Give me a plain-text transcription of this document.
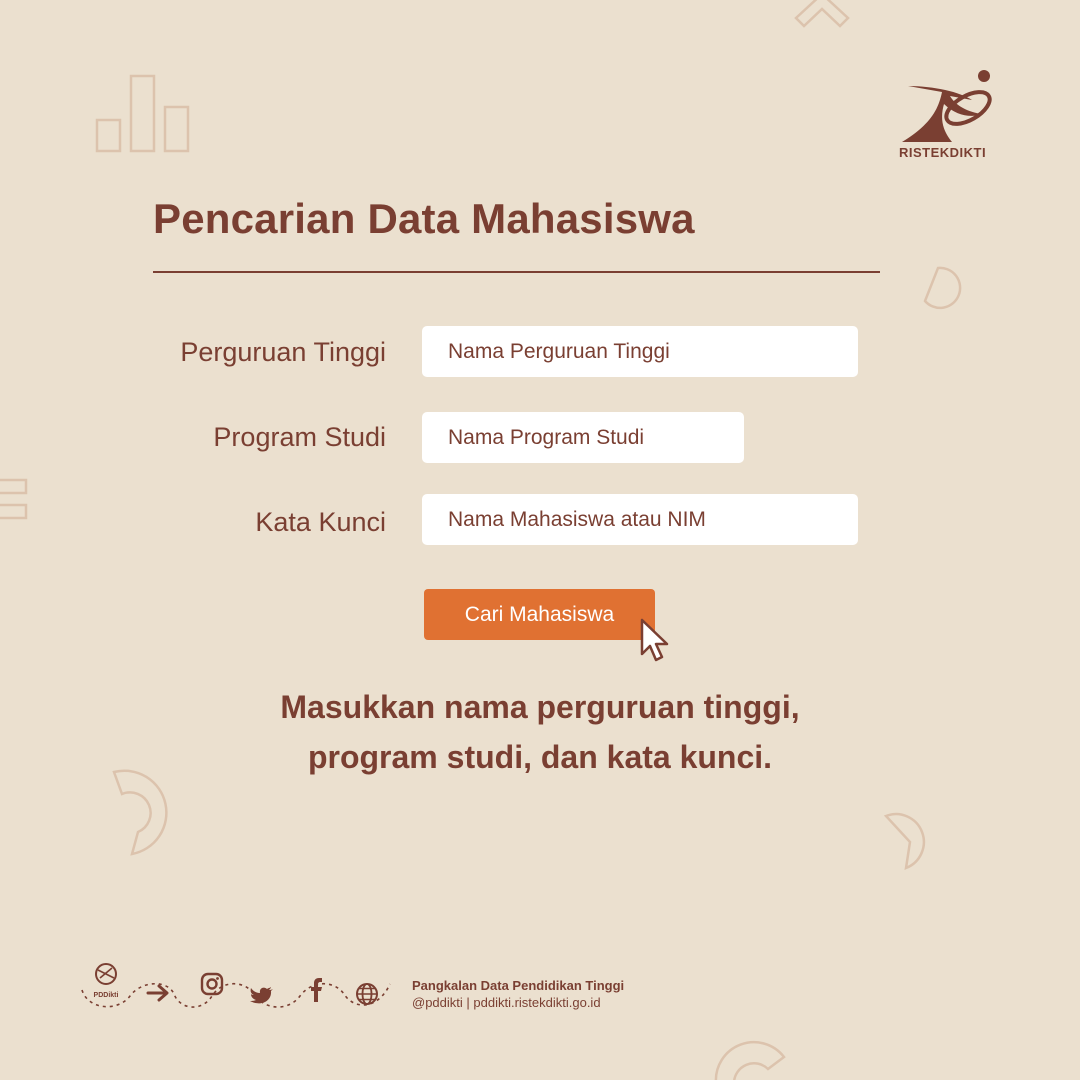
RISTEKDIKTI
Pencarian Data Mahasiswa
Perguruan Tinggi
Nama Perguruan Tinggi
Program Studi
Nama Program Studi
Kata Kunci
Nama Mahasiswa atau NIM
Cari Mahasiswa
Masukkan nama perguruan tinggi,
program studi, dan kata kunci.
PDDikti
Pangkalan Data Pendidikan Tinggi
@pddikti | pddikti.ristekdikti.go.id
